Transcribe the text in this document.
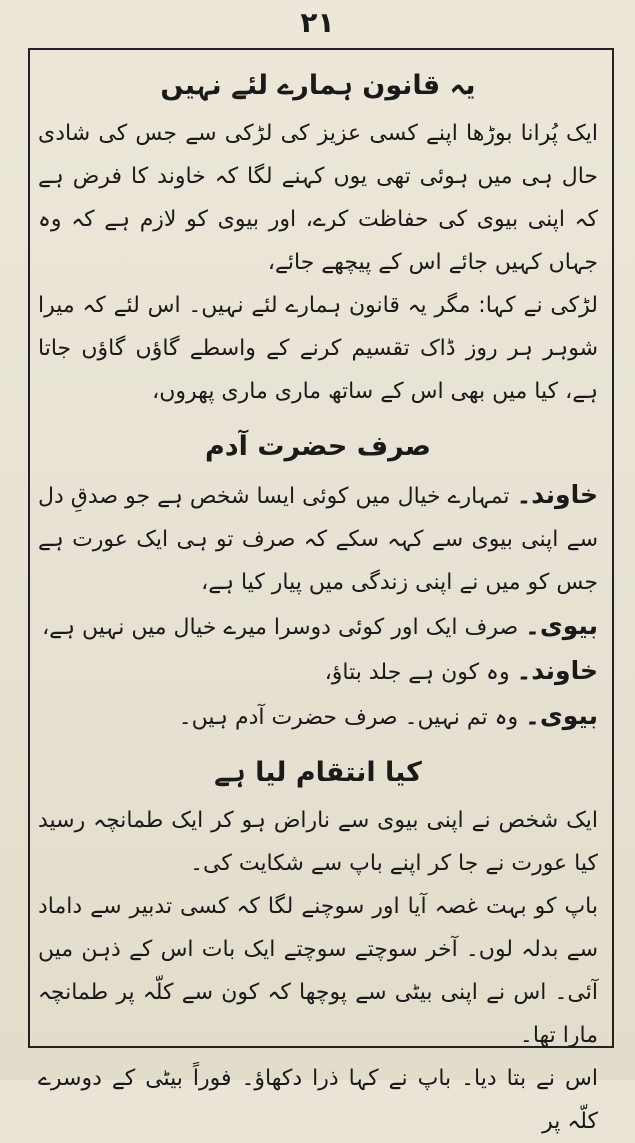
۲۱
یہ قانون ہمارے لئے نہیں

ایک پُرانا بوڑھا اپنے کسی عزیز کی لڑکی سے جس کی شادی حال ہی میں ہوئی تھی یوں کہنے لگا کہ خاوند کا فرض ہے کہ اپنی بیوی کی حفاظت کرے، اور بیوی کو لازم ہے کہ وہ جہاں کہیں جائے اس کے پیچھے جائے،

لڑکی نے کہا: مگر یہ قانون ہمارے لئے نہیں۔ اس لئے کہ میرا شوہر ہر روز ڈاک تقسیم کرنے کے واسطے گاؤں گاؤں جاتا ہے، کیا میں بھی اس کے ساتھ ماری ماری پھروں،

صرف حضرت آدم

خاوند۔ تمہارے خیال میں کوئی ایسا شخص ہے جو صدقِ دل سے اپنی بیوی سے کہہ سکے کہ صرف تو ہی ایک عورت ہے جس کو میں نے اپنی زندگی میں پیار کیا ہے،

بیوی۔ صرف ایک اور کوئی دوسرا میرے خیال میں نہیں ہے،

خاوند۔ وہ کون ہے جلد بتاؤ،

بیوی۔ وہ تم نہیں۔ صرف حضرت آدم ہیں۔

کیا انتقام لیا ہے

ایک شخص نے اپنی بیوی سے ناراض ہو کر ایک طمانچہ رسید کیا عورت نے جا کر اپنے باپ سے شکایت کی۔

باپ کو بہت غصہ آیا اور سوچنے لگا کہ کسی تدبیر سے داماد سے بدلہ لوں۔ آخر سوچتے سوچتے ایک بات اس کے ذہن میں آئی۔ اس نے اپنی بیٹی سے پوچھا کہ کون سے کلّہ پر طمانچہ مارا تھا۔

اس نے بتا دیا۔ باپ نے کہا ذرا دکھاؤ۔ فوراً بیٹی کے دوسرے کلّہ پر
